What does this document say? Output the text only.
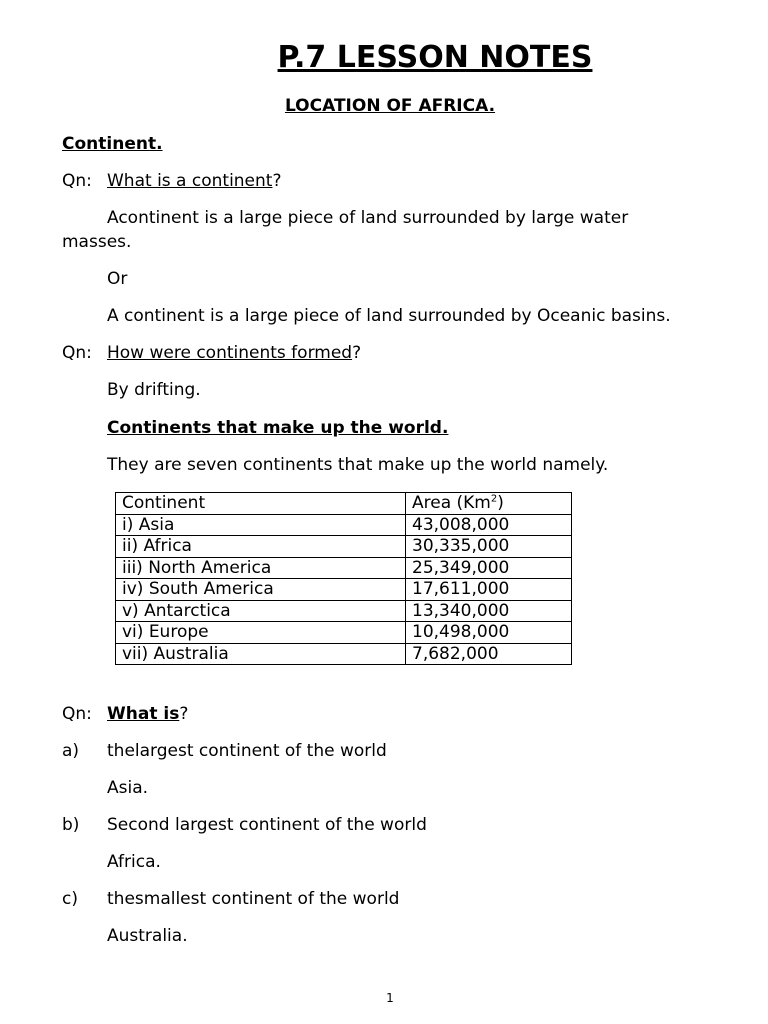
P.7 LESSON NOTES
LOCATION OF AFRICA.
Continent.
Qn: What is a continent?
Acontinent is a large piece of land surrounded by large water
masses.
Or
A continent is a large piece of land surrounded by Oceanic basins.
Qn: How were continents formed?
By drifting.
Continents that make up the world.
They are seven continents that make up the world namely.
Continent	Area (Km$^2$)
i) Asia	43,008,000
ii) Africa	30,335,000
iii) North America	25,349,000
iv) South America	17,611,000
v) Antarctica	13,340,000
vi) Europe	10,498,000
vii) Australia	7,682,000
Qn: What is?
a) thelargest continent of the world
Asia.
b) Second largest continent of the world
Africa.
c) thesmallest continent of the world
Australia.
1
